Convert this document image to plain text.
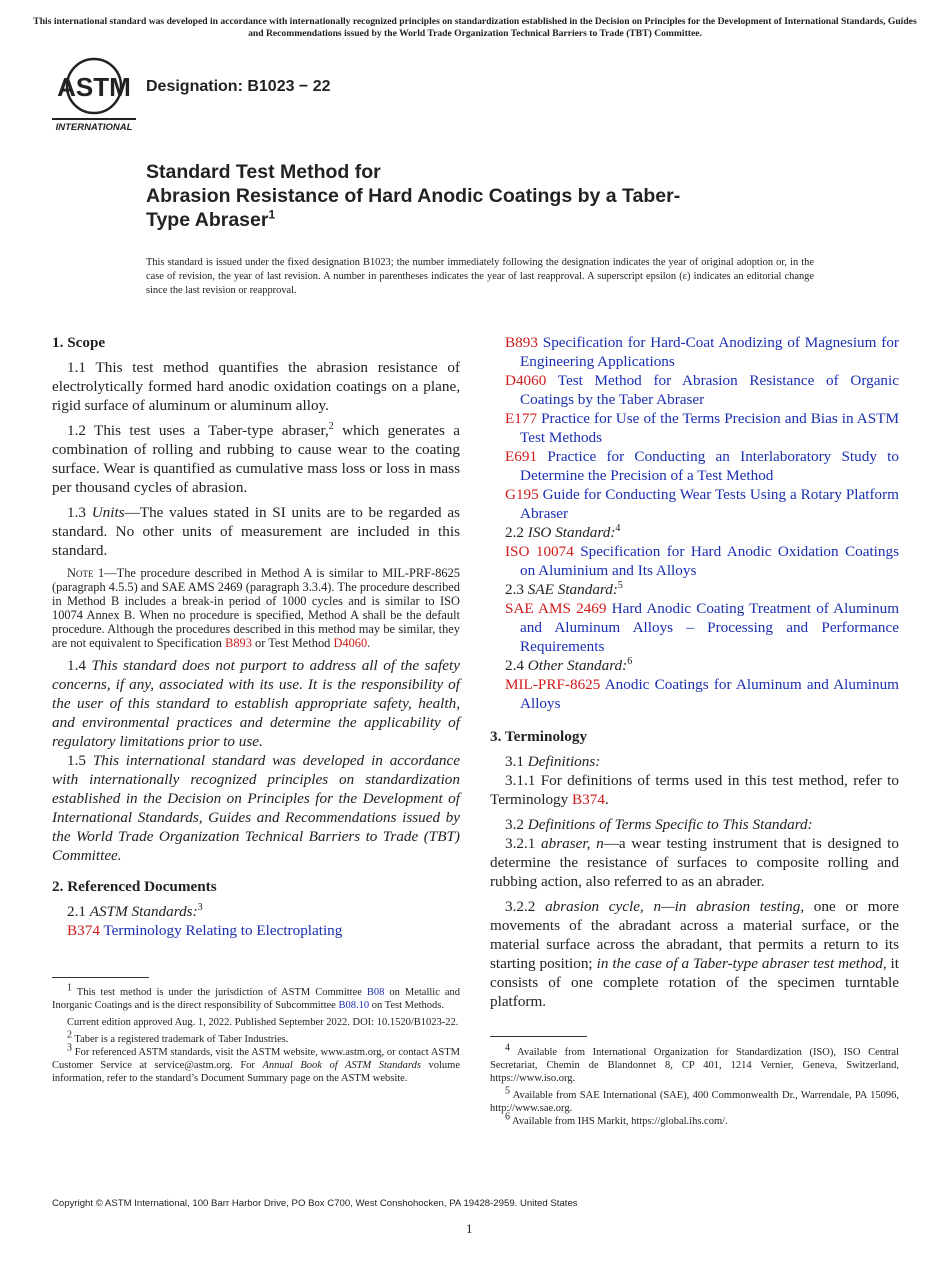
This international standard was developed in accordance with internationally recognized principles on standardization established in the Decision on Principles for the Development of International Standards, Guides and Recommendations issued by the World Trade Organization Technical Barriers to Trade (TBT) Committee.
ASTM
INTERNATIONAL
Designation: B1023 − 22
Standard Test Method for
Abrasion Resistance of Hard Anodic Coatings by a Taber-
Type Abraser$^1$
This standard is issued under the fixed designation B1023; the number immediately following the designation indicates the year of original adoption or, in the case of revision, the year of last revision. A number in parentheses indicates the year of last reapproval. A superscript epsilon (ε) indicates an editorial change since the last revision or reapproval.
1. Scope

1.1 This test method quantifies the abrasion resistance of electrolytically formed hard anodic oxidation coatings on a plane, rigid surface of aluminum or aluminum alloy.

1.2 This test uses a Taber-type abraser,$^2$ which generates a combination of rolling and rubbing to cause wear to the coating surface. Wear is quantified as cumulative mass loss or loss in mass per thousand cycles of abrasion.

1.3 Units—The values stated in SI units are to be regarded as standard. No other units of measurement are included in this standard.

Note 1—The procedure described in Method A is similar to MIL-PRF-8625 (paragraph 4.5.5) and SAE AMS 2469 (paragraph 3.3.4). The procedure described in Method B includes a break-in period of 1000 cycles and is similar to ISO 10074 Annex B. When no procedure is specified, Method A shall be the default procedure. Although the procedures described in this method may be similar, they are not equivalent to Specification B893 or Test Method D4060.

1.4 This standard does not purport to address all of the safety concerns, if any, associated with its use. It is the responsibility of the user of this standard to establish appropriate safety, health, and environmental practices and determine the applicability of regulatory limitations prior to use.

1.5 This international standard was developed in accordance with internationally recognized principles on standardization established in the Decision on Principles for the Development of International Standards, Guides and Recommendations issued by the World Trade Organization Technical Barriers to Trade (TBT) Committee.

2. Referenced Documents

2.1 ASTM Standards:$^3$

B374 Terminology Relating to Electroplating

$^1$ This test method is under the jurisdiction of ASTM Committee B08 on Metallic and Inorganic Coatings and is the direct responsibility of Subcommittee B08.10 on Test Methods.

Current edition approved Aug. 1, 2022. Published September 2022. DOI: 10.1520/B1023-22.

$^2$ Taber is a registered trademark of Taber Industries.

$^3$ For referenced ASTM standards, visit the ASTM website, www.astm.org, or contact ASTM Customer Service at service@astm.org. For Annual Book of ASTM Standards volume information, refer to the standard’s Document Summary page on the ASTM website.

B893 Specification for Hard-Coat Anodizing of Magnesium for Engineering Applications

D4060 Test Method for Abrasion Resistance of Organic Coatings by the Taber Abraser

E177 Practice for Use of the Terms Precision and Bias in ASTM Test Methods

E691 Practice for Conducting an Interlaboratory Study to Determine the Precision of a Test Method

G195 Guide for Conducting Wear Tests Using a Rotary Platform Abraser

2.2 ISO Standard:$^4$

ISO 10074 Specification for Hard Anodic Oxidation Coatings on Aluminium and Its Alloys

2.3 SAE Standard:$^5$

SAE AMS 2469 Hard Anodic Coating Treatment of Aluminum and Aluminum Alloys – Processing and Performance Requirements

2.4 Other Standard:$^6$

MIL-PRF-8625 Anodic Coatings for Aluminum and Aluminum Alloys

3. Terminology

3.1 Definitions:

3.1.1 For definitions of terms used in this test method, refer to Terminology B374.

3.2 Definitions of Terms Specific to This Standard:

3.2.1 abraser, n—a wear testing instrument that is designed to determine the resistance of surfaces to composite rolling and rubbing action, also referred to as an abrader.

3.2.2 abrasion cycle, n—in abrasion testing, one or more movements of the abradant across a material surface, or the material surface across the abradant, that permits a return to its starting position; in the case of a Taber-type abraser test method, it consists of one complete rotation of the specimen turntable platform.

$^4$ Available from International Organization for Standardization (ISO), ISO Central Secretariat, Chemin de Blandonnet 8, CP 401, 1214 Vernier, Geneva, Switzerland, https://www.iso.org.

$^5$ Available from SAE International (SAE), 400 Commonwealth Dr., Warrendale, PA 15096, http://www.sae.org.

$^6$ Available from IHS Markit, https://global.ihs.com/.

Copyright © ASTM International, 100 Barr Harbor Drive, PO Box C700, West Conshohocken, PA 19428-2959. United States
1
